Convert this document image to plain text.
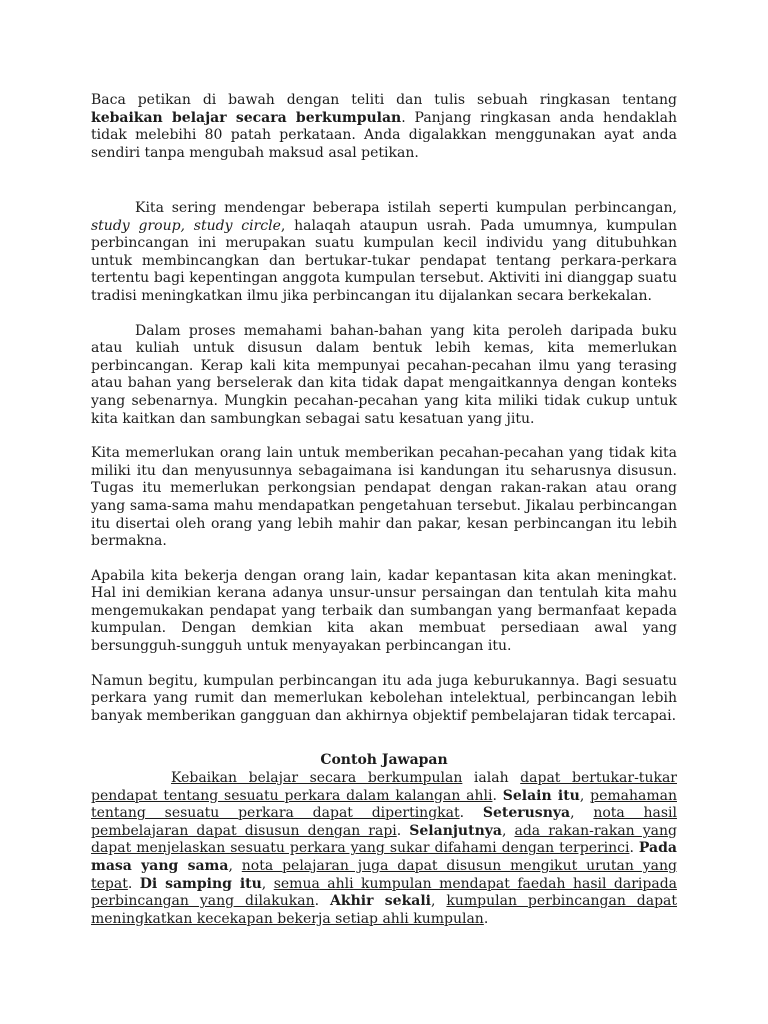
Baca petikan di bawah dengan teliti dan tulis sebuah ringkasan tentang kebaikan belajar secara berkumpulan. Panjang ringkasan anda hendaklah tidak melebihi 80 patah perkataan. Anda digalakkan menggunakan ayat anda sendiri tanpa mengubah maksud asal petikan.

Kita sering mendengar beberapa istilah seperti kumpulan perbincangan, study group, study circle, halaqah ataupun usrah. Pada umumnya, kumpulan perbincangan ini merupakan suatu kumpulan kecil individu yang ditubuhkan untuk membincangkan dan bertukar-tukar pendapat tentang perkara-perkara tertentu bagi kepentingan anggota kumpulan tersebut. Aktiviti ini dianggap suatu tradisi meningkatkan ilmu jika perbincangan itu dijalankan secara berkekalan.

Dalam proses memahami bahan-bahan yang kita peroleh daripada buku atau kuliah untuk disusun dalam bentuk lebih kemas, kita memerlukan perbincangan. Kerap kali kita mempunyai pecahan-pecahan ilmu yang terasing atau bahan yang berselerak dan kita tidak dapat mengaitkannya dengan konteks yang sebenarnya. Mungkin pecahan-pecahan yang kita miliki tidak cukup untuk kita kaitkan dan sambungkan sebagai satu kesatuan yang jitu.

Kita memerlukan orang lain untuk memberikan pecahan-pecahan yang tidak kita miliki itu dan menyusunnya sebagaimana isi kandungan itu seharusnya disusun. Tugas itu memerlukan perkongsian pendapat dengan rakan-rakan atau orang yang sama-sama mahu mendapatkan pengetahuan tersebut. Jikalau perbincangan itu disertai oleh orang yang lebih mahir dan pakar, kesan perbincangan itu lebih bermakna.

Apabila kita bekerja dengan orang lain, kadar kepantasan kita akan meningkat. Hal ini demikian kerana adanya unsur-unsur persaingan dan tentulah kita mahu mengemukakan pendapat yang terbaik dan sumbangan yang bermanfaat kepada kumpulan. Dengan demkian kita akan membuat persediaan awal yang bersungguh-sungguh untuk menyayakan perbincangan itu.

Namun begitu, kumpulan perbincangan itu ada juga keburukannya. Bagi sesuatu perkara yang rumit dan memerlukan kebolehan intelektual, perbincangan lebih banyak memberikan gangguan dan akhirnya objektif pembelajaran tidak tercapai.

Contoh Jawapan
Kebaikan belajar secara berkumpulan ialah dapat bertukar-tukar pendapat tentang sesuatu perkara dalam kalangan ahli. Selain itu, pemahaman tentang sesuatu perkara dapat dipertingkat. Seterusnya, nota hasil pembelajaran dapat disusun dengan rapi. Selanjutnya, ada rakan-rakan yang dapat menjelaskan sesuatu perkara yang sukar difahami dengan terperinci. Pada masa yang sama, nota pelajaran juga dapat disusun mengikut urutan yang tepat. Di samping itu, semua ahli kumpulan mendapat faedah hasil daripada perbincangan yang dilakukan. Akhir sekali, kumpulan perbincangan dapat meningkatkan kecekapan bekerja setiap ahli kumpulan.
